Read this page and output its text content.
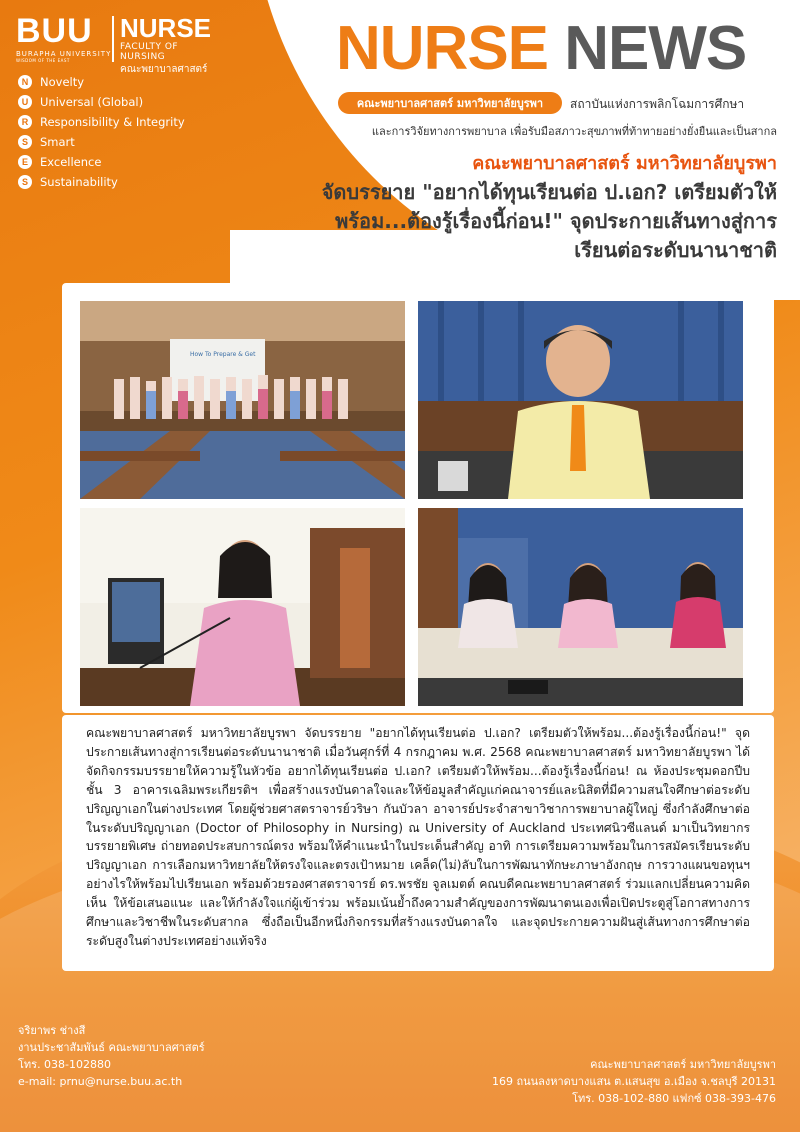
BUU
BURAPHA UNIVERSITY
WISDOM OF THE EAST
NURSE
FACULTY OF NURSING
คณะพยาบาลศาสตร์
N	Novelty
U	Universal (Global)
R	Responsibility & Integrity
S	Smart
E	Excellence
S	Sustainability
NURSE NEWS
คณะพยาบาลศาสตร์ มหาวิทยาลัยบูรพา	สถาบันแห่งการพลิกโฉมการศึกษา
และการวิจัยทางการพยาบาล เพื่อรับมือสภาวะสุขภาพที่ท้าทายอย่างยั่งยืนและเป็นสากล
คณะพยาบาลศาสตร์ มหาวิทยาลัยบูรพา
จัดบรรยาย "อยากได้ทุนเรียนต่อ ป.เอก? เตรียมตัวให้
พร้อม...ต้องรู้เรื่องนี้ก่อน!" จุดประกายเส้นทางสู่การ
เรียนต่อระดับนานาชาติ
How To Prepare & Get
คณะพยาบาลศาสตร์ มหาวิทยาลัยบูรพา จัดบรรยาย "อยากได้ทุนเรียนต่อ ป.เอก? เตรียมตัวให้พร้อม...ต้องรู้เรื่องนี้ก่อน!" จุดประกายเส้นทางสู่การเรียนต่อระดับนานาชาติ เมื่อวันศุกร์ที่ 4 กรกฎาคม พ.ศ. 2568 คณะพยาบาลศาสตร์ มหาวิทยาลัยบูรพา ได้จัดกิจกรรมบรรยายให้ความรู้ในหัวข้อ อยากได้ทุนเรียนต่อ ป.เอก? เตรียมตัวให้พร้อม...ต้องรู้เรื่องนี้ก่อน! ณ ห้องประชุมดอกปีบ ชั้น 3 อาคารเฉลิมพระเกียรติฯ เพื่อสร้างแรงบันดาลใจและให้ข้อมูลสำคัญแก่คณาจารย์และนิสิตที่มีความสนใจศึกษาต่อระดับปริญญาเอกในต่างประเทศ โดยผู้ช่วยศาสตราจารย์วริษา กันบัวลา อาจารย์ประจำสาขาวิชาการพยาบาลผู้ใหญ่ ซึ่งกำลังศึกษาต่อในระดับปริญญาเอก (Doctor of Philosophy in Nursing) ณ University of Auckland ประเทศนิวซีแลนด์ มาเป็นวิทยากรบรรยายพิเศษ ถ่ายทอดประสบการณ์ตรง พร้อมให้คำแนะนำในประเด็นสำคัญ อาทิ การเตรียมความพร้อมในการสมัครเรียนระดับปริญญาเอก การเลือกมหาวิทยาลัยให้ตรงใจและตรงเป้าหมาย เคล็ด(ไม่)ลับในการพัฒนาทักษะภาษาอังกฤษ การวางแผนขอทุนฯ อย่างไรให้พร้อมไปเรียนเอก พร้อมด้วยรองศาสตราจารย์ ดร.พรชัย จูลเมตต์ คณบดีคณะพยาบาลศาสตร์ ร่วมแลกเปลี่ยนความคิดเห็น ให้ข้อเสนอแนะ และให้กำลังใจแก่ผู้เข้าร่วม พร้อมเน้นย้ำถึงความสำคัญของการพัฒนาตนเองเพื่อเปิดประตูสู่โอกาสทางการศึกษาและวิชาชีพในระดับสากล ซึ่งถือเป็นอีกหนึ่งกิจกรรมที่สร้างแรงบันดาลใจ และจุดประกายความฝันสู่เส้นทางการศึกษาต่อระดับสูงในต่างประเทศอย่างแท้จริง
จริยาพร ช่างสี
งานประชาสัมพันธ์ คณะพยาบาลศาสตร์
โทร. 038-102880
e-mail: prnu@nurse.buu.ac.th
คณะพยาบาลศาสตร์ มหาวิทยาลัยบูรพา
169 ถนนลงหาดบางแสน ต.แสนสุข อ.เมือง จ.ชลบุรี 20131
โทร. 038-102-880 แฟกซ์ 038-393-476
